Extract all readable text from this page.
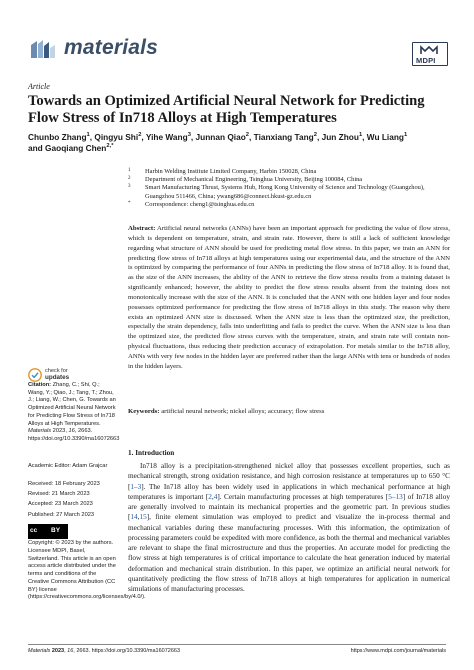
materials
MDPI
Article
Towards an Optimized Artificial Neural Network for Predicting Flow Stress of In718 Alloys at High Temperatures
Chunbo Zhang$^1$, Qingyu Shi$^2$, Yihe Wang$^3$, Junnan Qiao$^2$, Tianxiang Tang$^2$, Jun Zhou$^1$, Wu Liang$^1$
and Gaoqiang Chen$^{2,*}$
1 Harbin Welding Institute Limited Company, Harbin 150028, China
2 Department of Mechanical Engineering, Tsinghua University, Beijing 100084, China
3 Smart Manufacturing Thrust, Systems Hub, Hong Kong University of Science and Technology (Guangzhou), Guangzhou 511466, China; ywang686@connect.hkust-gz.edu.cn
* Correspondence: cheng1@tsinghua.edu.cn
Abstract: Artificial neural networks (ANNs) have been an important approach for predicting the value of flow stress, which is dependent on temperature, strain, and strain rate. However, there is still a lack of sufficient knowledge regarding what structure of ANN should be used for predicting metal flow stress. In this paper, we train an ANN for predicting flow stress of In718 alloys at high temperatures using our experimental data, and the structure of the ANN is optimized by comparing the performance of four ANNs in predicting the flow stress of In718 alloy. It is found that, as the size of the ANN increases, the ability of the ANN to retrieve the flow stress results from a training dataset is significantly enhanced; however, the ability to predict the flow stress results absent from the training does not monotonically increase with the size of the ANN. It is concluded that the ANN with one hidden layer and four nodes possesses optimized performance for predicting the flow stress of In718 alloys in this study. The reason why there exists an optimized ANN size is discussed. When the ANN size is less than the optimized size, the prediction, especially the strain dependency, falls into underfitting and fails to predict the curve. When the ANN size is less than the optimized size, the predicted flow stress curves with the temperature, strain, and strain rate will contain non-physical fluctuations, thus reducing their prediction accuracy of extrapolation. For metals similar to the In718 alloy, ANNs with very few nodes in the hidden layer are preferred rather than the large ANNs with tens or hundreds of nodes in the hidden layers.
Keywords: artificial neural network; nickel alloys; accuracy; flow stress
1. Introduction

In718 alloy is a precipitation-strengthened nickel alloy that possesses excellent properties, such as mechanical strength, strong oxidation resistance, and high corrosion resistance at temperatures up to 650 °C [1–3]. The In718 alloy has been widely used in applications in which mechanical performance at high temperatures is important [2,4]. Certain manufacturing processes at high temperatures [5–13] of In718 alloy are generally involved to maintain its mechanical properties and the geometric part. In previous studies [14,15], finite element simulation was employed to predict and visualize the in-process thermal and mechanical variables during these manufacturing processes. With this information, the optimization of processing parameters could be expedited with more confidence, as both the thermal and mechanical variables are relevant to shape the final microstructure and thus the properties. An accurate model for predicting the flow stress at high temperatures is of critical importance to calculate the heat generation induced by material deformation and mechanical strain distribution. In this paper, we optimize an artificial neural network for quantitatively predicting the flow stress of In718 alloys at high temperatures for application in numerical simulations of manufacturing processes.

check for
updates
Citation: Zhang, C.; Shi, Q.; Wang, Y.; Qiao, J.; Tang, T.; Zhou, J.; Liang, W.; Chen, G. Towards an Optimized Artificial Neural Network for Predicting Flow Stress of In718 Alloys at High Temperatures. Materials 2023, 16, 2663. https://doi.org/10.3390/ma16072663
Academic Editor: Adam Grajcar
Received: 18 February 2023
Revised: 21 March 2023
Accepted: 23 March 2023
Published: 27 March 2023
cc BY
Copyright: © 2023 by the authors. Licensee MDPI, Basel, Switzerland. This article is an open access article distributed under the terms and conditions of the Creative Commons Attribution (CC BY) license (https://creativecommons.org/licenses/by/4.0/).
Materials 2023, 16, 2663. https://doi.org/10.3390/ma16072663	https://www.mdpi.com/journal/materials
